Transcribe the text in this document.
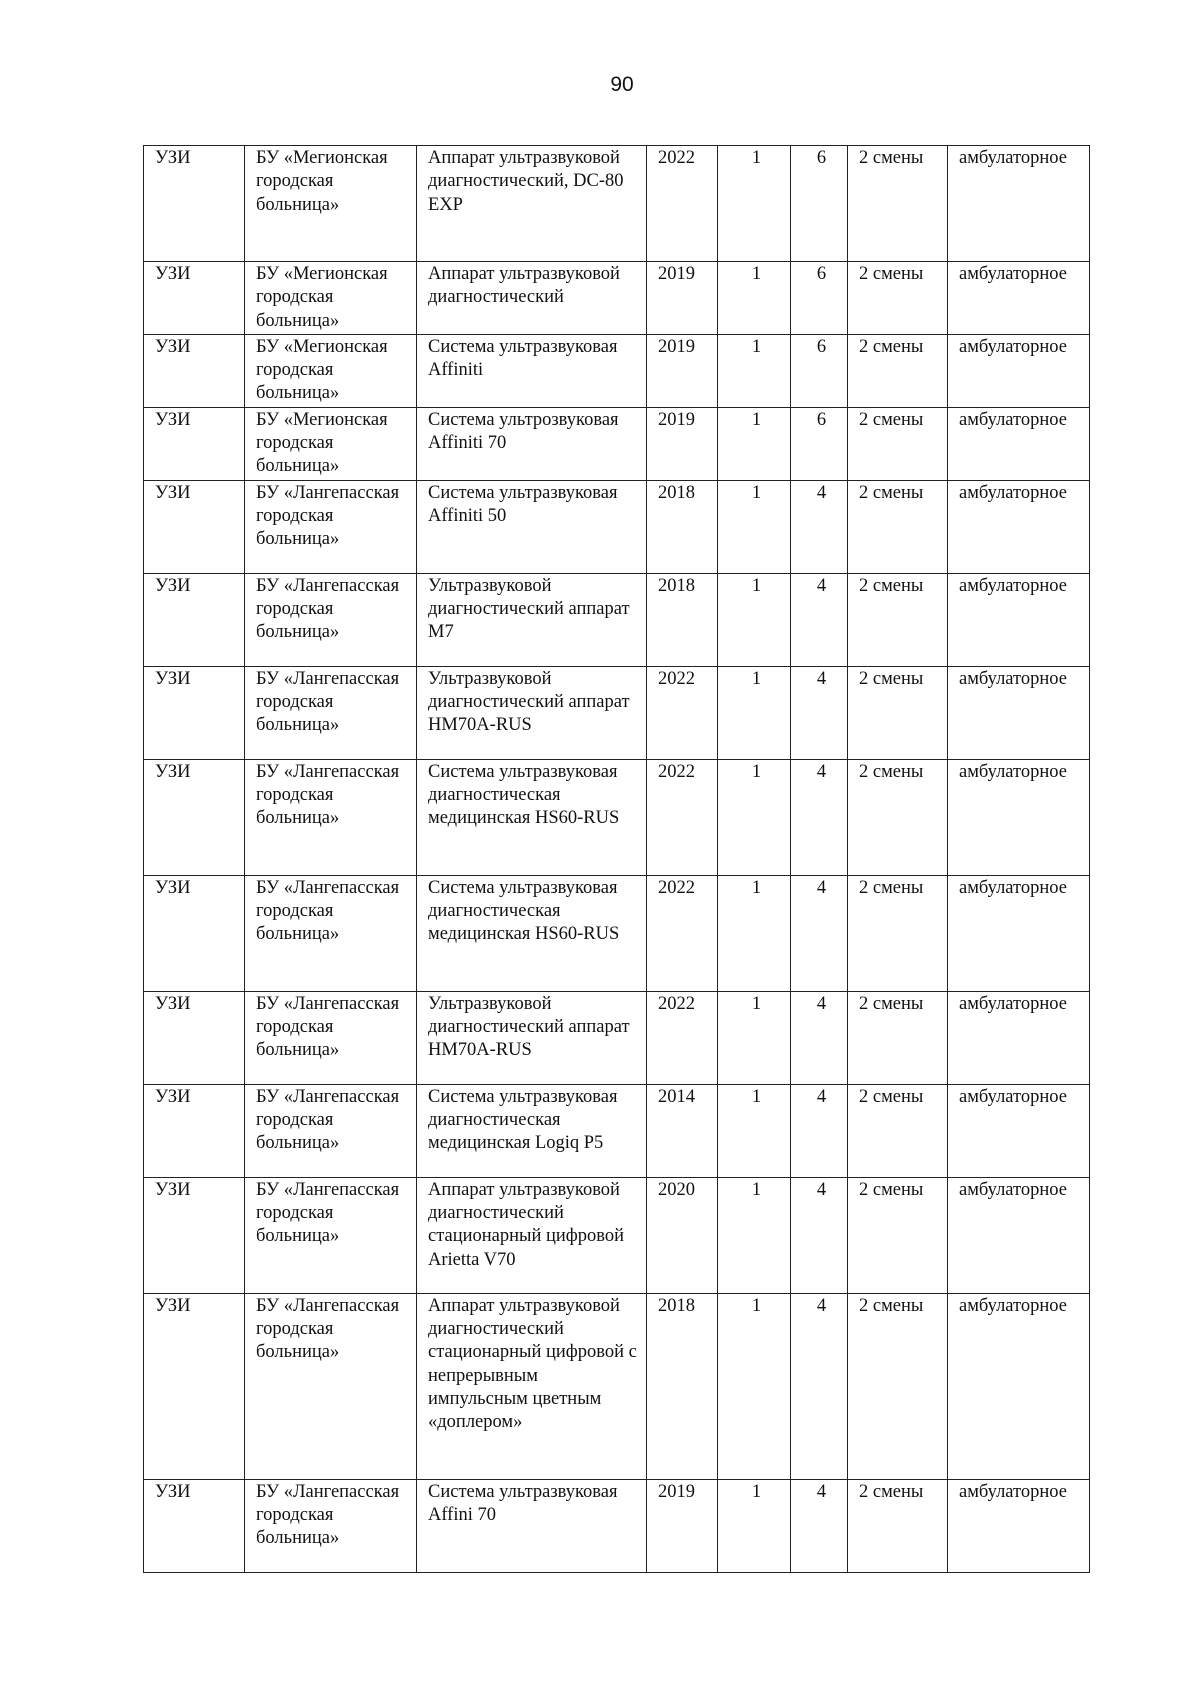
90
УЗИ	БУ «Мегионская городская больница»	Аппарат ультразвуковой диагностический, DC-80 EXP	2022	1	6	2 смены	амбулаторное
УЗИ	БУ «Мегионская городская больница»	Аппарат ультразвуковой диагностический	2019	1	6	2 смены	амбулаторное
УЗИ	БУ «Мегионская городская больница»	Система ультразвуковая Affiniti	2019	1	6	2 смены	амбулаторное
УЗИ	БУ «Мегионская городская больница»	Система ультрозвуковая Affiniti 70	2019	1	6	2 смены	амбулаторное
УЗИ	БУ «Лангепасская городская больница»	Система ультразвуковая Affiniti 50	2018	1	4	2 смены	амбулаторное
УЗИ	БУ «Лангепасская городская больница»	Ультразвуковой диагностический аппарат M7	2018	1	4	2 смены	амбулаторное
УЗИ	БУ «Лангепасская городская больница»	Ультразвуковой диагностический аппарат HM70A-RUS	2022	1	4	2 смены	амбулаторное
УЗИ	БУ «Лангепасская городская больница»	Система ультразвуковая диагностическая медицинская HS60-RUS	2022	1	4	2 смены	амбулаторное
УЗИ	БУ «Лангепасская городская больница»	Система ультразвуковая диагностическая медицинская HS60-RUS	2022	1	4	2 смены	амбулаторное
УЗИ	БУ «Лангепасская городская больница»	Ультразвуковой диагностический аппарат HM70A-RUS	2022	1	4	2 смены	амбулаторное
УЗИ	БУ «Лангепасская городская больница»	Система ультразвуковая диагностическая медицинская Logiq P5	2014	1	4	2 смены	амбулаторное
УЗИ	БУ «Лангепасская городская больница»	Аппарат ультразвуковой диагностический стационарный цифровой Arietta V70	2020	1	4	2 смены	амбулаторное
УЗИ	БУ «Лангепасская городская больница»	Аппарат ультразвуковой диагностический стационарный цифровой с непрерывным импульсным цветным «доплером»	2018	1	4	2 смены	амбулаторное
УЗИ	БУ «Лангепасская городская больница»	Система ультразвуковая Affini 70	2019	1	4	2 смены	амбулаторное
